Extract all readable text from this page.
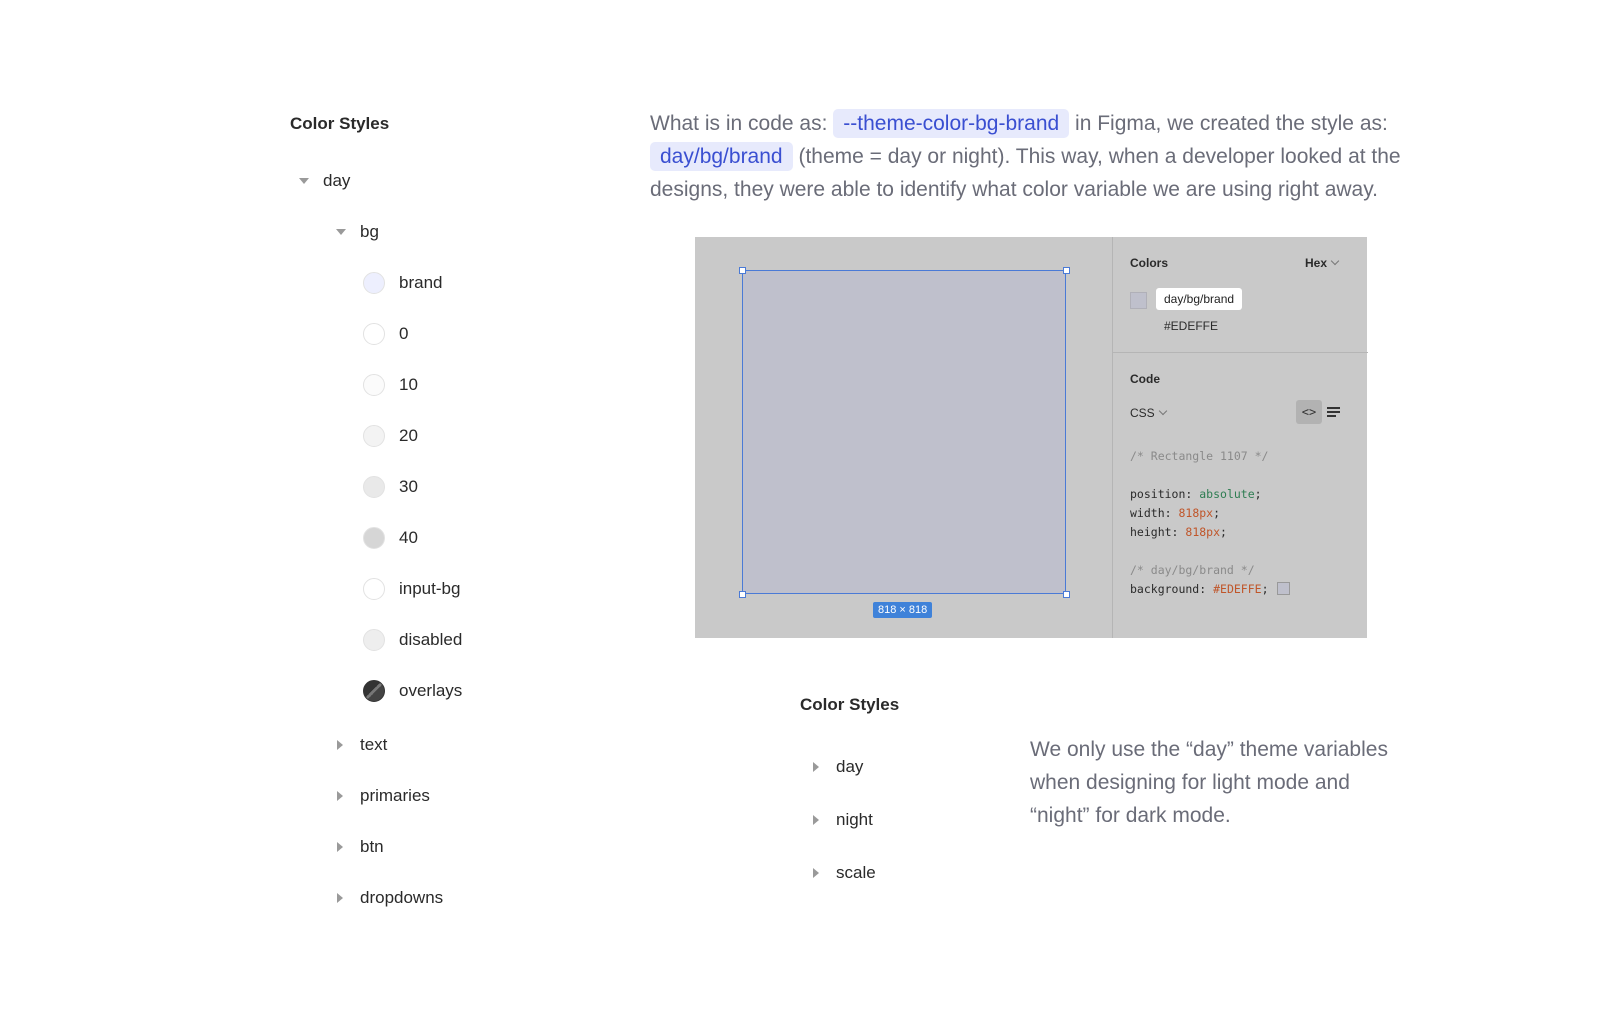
Color Styles
day
bg
brand
0
10
20
30
40
input-bg
disabled
overlays
text
primaries
btn
dropdowns
What is in code as: --theme-color-bg-brand in Figma, we created the style as: day/bg/brand (theme = day or night). This way, when a developer looked at the designs, they were able to identify what color variable we are using right away.
818 × 818
Colors	Hex
day/bg/brand
#EDEFFE
Code
CSS	<>
/* Rectangle 1107 */
position: absolute;
width: 818px;
height: 818px;
/* day/bg/brand */
background: #EDEFFE;
Color Styles
day
night
scale
We only use the “day” theme variables when designing for light mode and “night” for dark mode.
